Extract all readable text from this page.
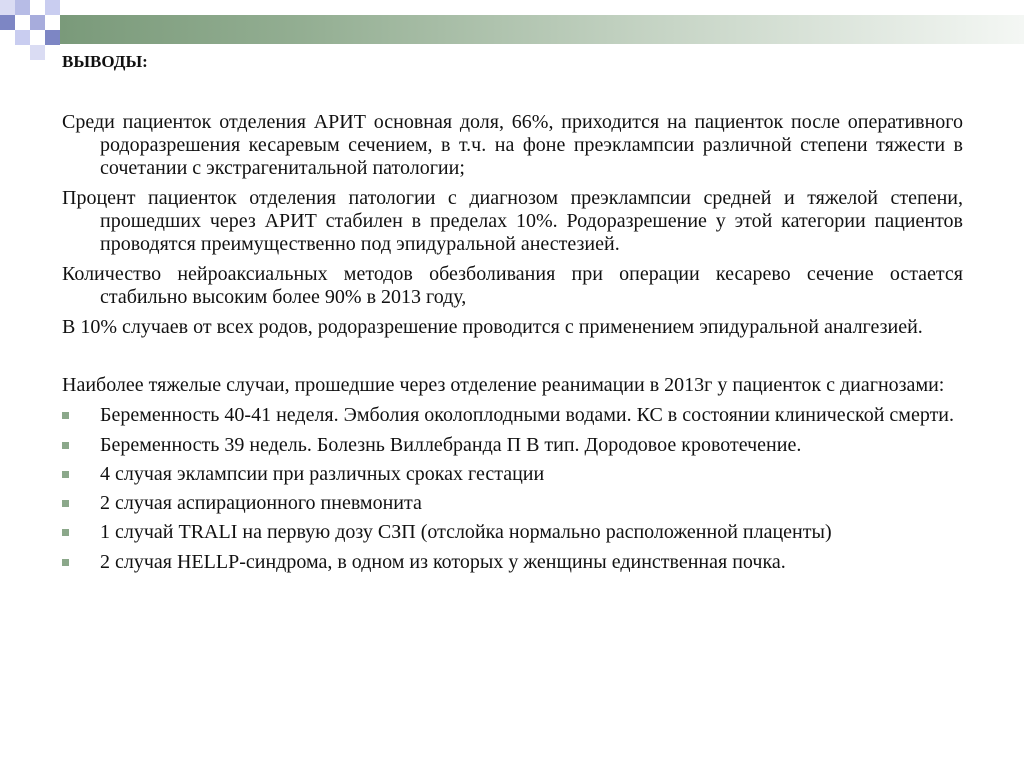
ВЫВОДЫ:

Среди пациенток отделения АРИТ основная доля, 66%, приходится на пациенток после оперативного родоразрешения кесаревым сечением, в т.ч. на фоне преэклампсии различной степени тяжести в сочетании с экстрагенитальной патологии;

Процент пациенток отделения патологии с диагнозом преэклампсии средней и тяжелой степени, прошедших через АРИТ стабилен в пределах 10%. Родоразрешение у этой категории пациентов проводятся преимущественно под эпидуральной анестезией.

Количество нейроаксиальных методов обезболивания при операции кесарево сечение остается стабильно высоким более 90% в 2013 году,

В 10% случаев от всех родов, родоразрешение проводится с применением эпидуральной аналгезией.

Наиболее тяжелые случаи, прошедшие через отделение реанимации в 2013г у пациенток с диагнозами:

Беременность 40-41 неделя. Эмболия околоплодными водами. КС в состоянии клинической смерти.
Беременность 39 недель. Болезнь Виллебранда П В тип. Дородовое кровотечение.
4 случая эклампсии при различных сроках гестации
2 случая аспирационного пневмонита
1 случай TRALI на первую дозу СЗП (отслойка нормально расположенной плаценты)
2 случая HELLP-синдрома, в одном из которых у женщины единственная почка.
